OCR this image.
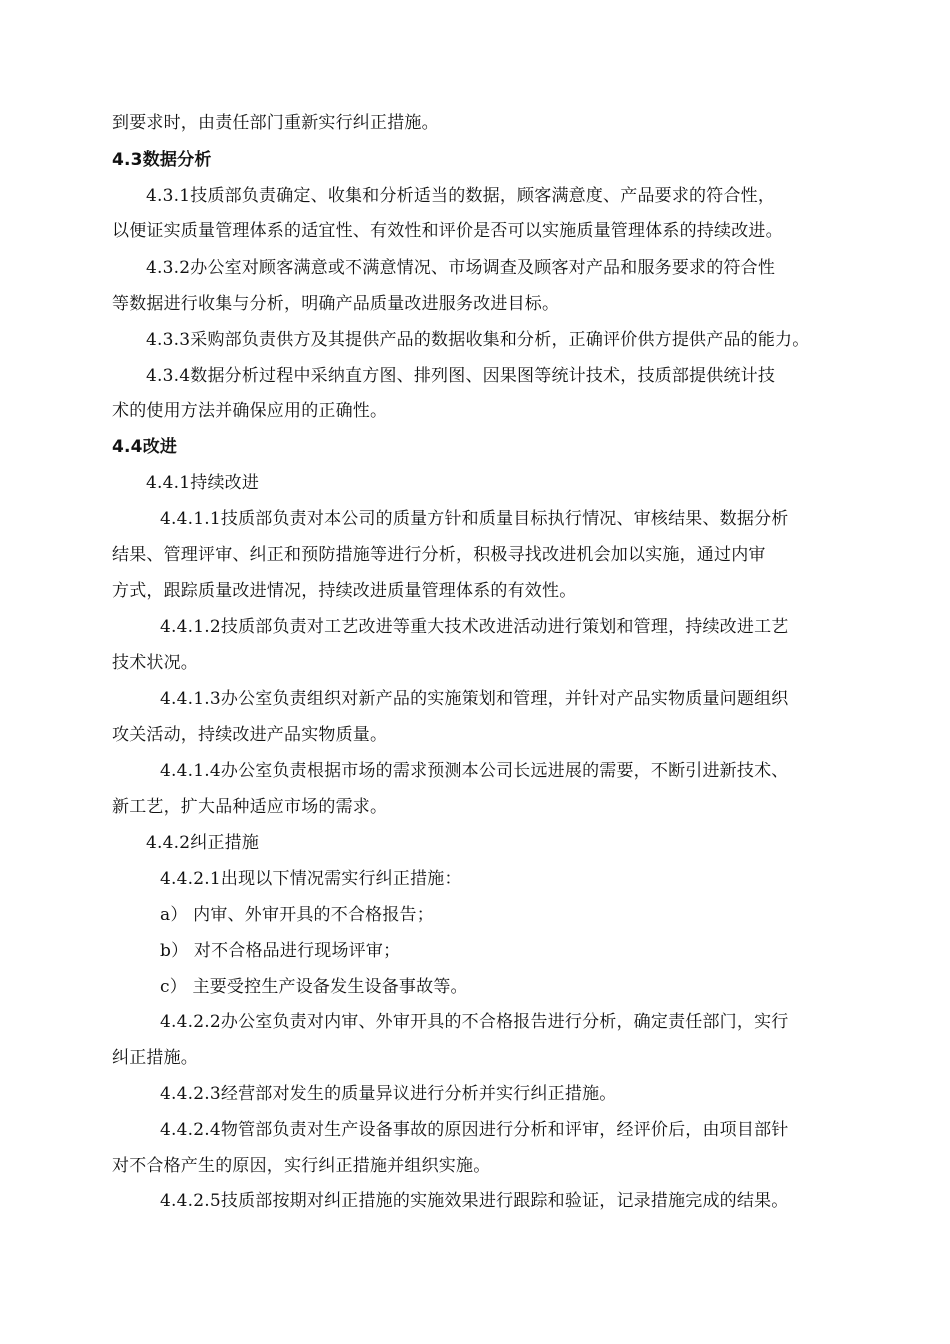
到要求时，由责任部门重新实行纠正措施。
4.3数据分析
4.3.1技质部负责确定、收集和分析适当的数据，顾客满意度、产品要求的符合性，
以便证实质量管理体系的适宜性、有效性和评价是否可以实施质量管理体系的持续改进。
4.3.2办公室对顾客满意或不满意情况、市场调查及顾客对产品和服务要求的符合性
等数据进行收集与分析，明确产品质量改进服务改进目标。
4.3.3采购部负责供方及其提供产品的数据收集和分析，正确评价供方提供产品的能力。
4.3.4数据分析过程中采纳直方图、排列图、因果图等统计技术，技质部提供统计技
术的使用方法并确保应用的正确性。
4.4改进
4.4.1持续改进
4.4.1.1技质部负责对本公司的质量方针和质量目标执行情况、审核结果、数据分析
结果、管理评审、纠正和预防措施等进行分析，积极寻找改进机会加以实施，通过内审
方式，跟踪质量改进情况，持续改进质量管理体系的有效性。
4.4.1.2技质部负责对工艺改进等重大技术改进活动进行策划和管理，持续改进工艺
技术状况。
4.4.1.3办公室负责组织对新产品的实施策划和管理，并针对产品实物质量问题组织
攻关活动，持续改进产品实物质量。
4.4.1.4办公室负责根据市场的需求预测本公司长远进展的需要，不断引进新技术、
新工艺，扩大品种适应市场的需求。
4.4.2纠正措施
4.4.2.1出现以下情况需实行纠正措施：
a） 内审、外审开具的不合格报告；
b） 对不合格品进行现场评审；
c） 主要受控生产设备发生设备事故等。
4.4.2.2办公室负责对内审、外审开具的不合格报告进行分析，确定责任部门，实行
纠正措施。
4.4.2.3经营部对发生的质量异议进行分析并实行纠正措施。
4.4.2.4物管部负责对生产设备事故的原因进行分析和评审，经评价后，由项目部针
对不合格产生的原因，实行纠正措施并组织实施。
4.4.2.5技质部按期对纠正措施的实施效果进行跟踪和验证，记录措施完成的结果。
